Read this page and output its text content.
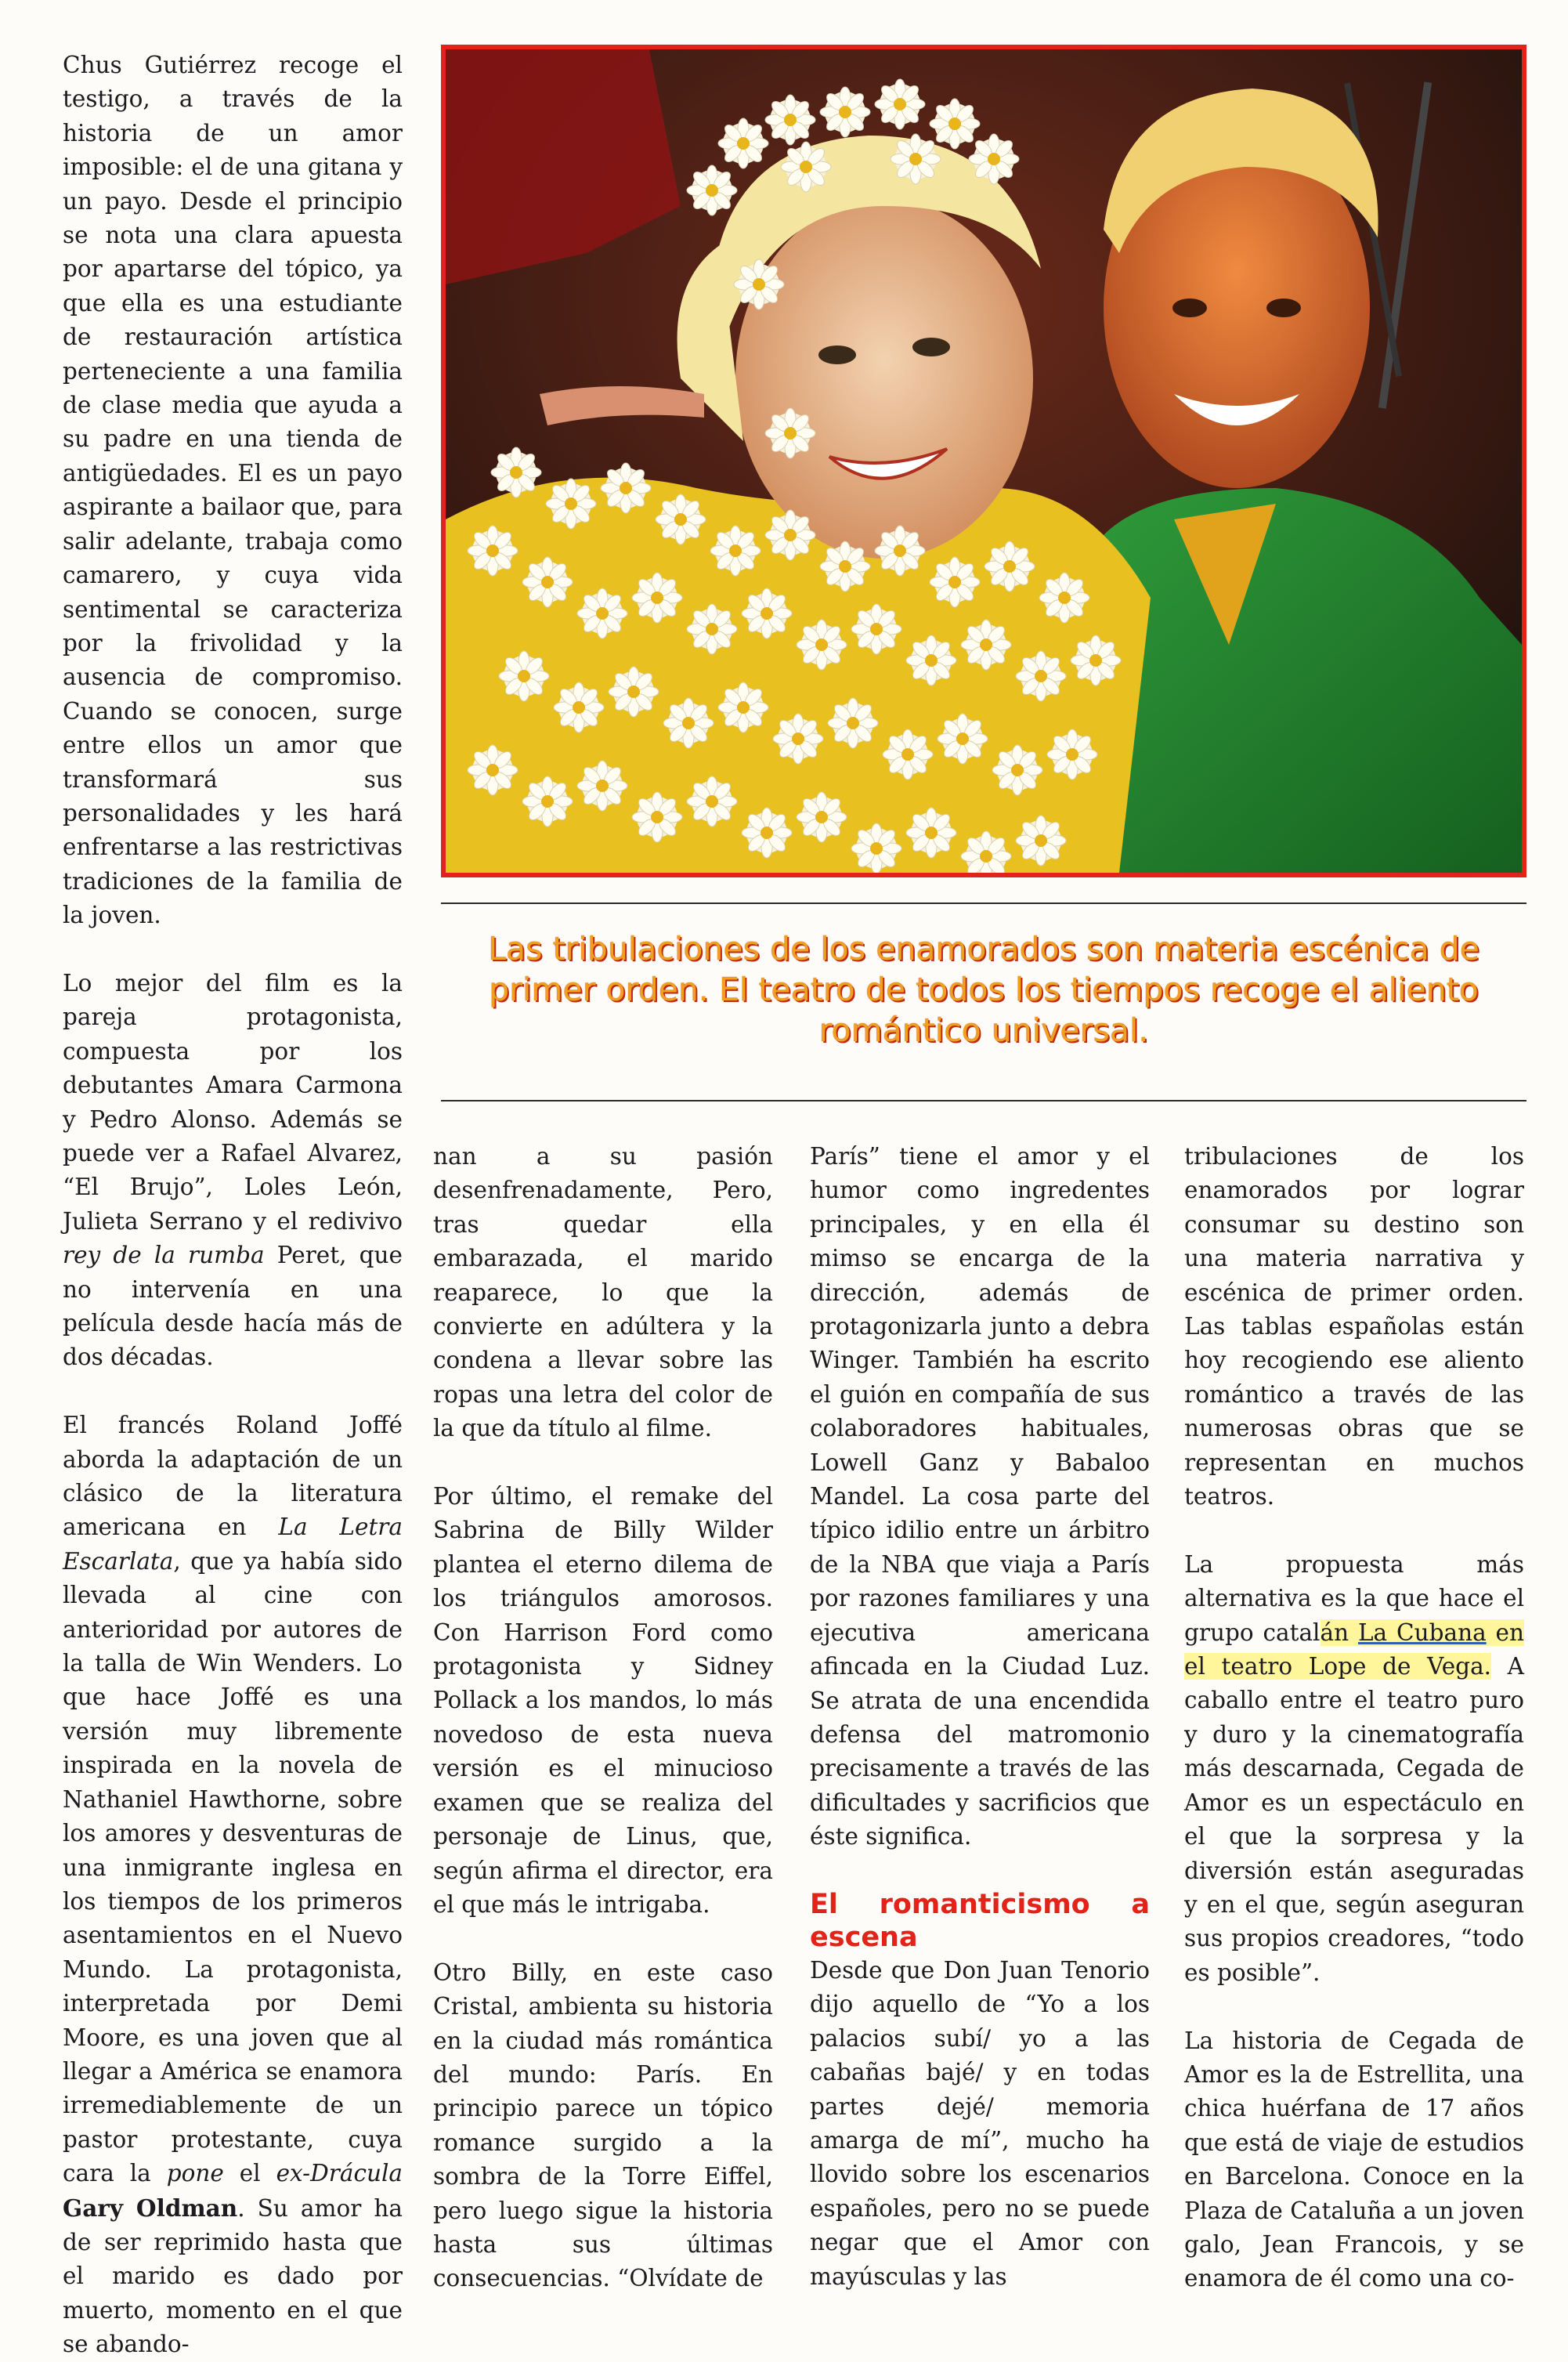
Chus Gutiérrez recoge el testigo, a través de la historia de un amor imposible: el de una gitana y un payo. Desde el principio se nota una clara apuesta por apartarse del tópico, ya que ella es una estudiante de restauración artística perteneciente a una familia de clase media que ayuda a su padre en una tienda de antigüedades. El es un payo aspirante a bailaor que, para salir adelante, trabaja como camarero, y cuya vida sentimental se caracteriza por la frivolidad y la ausencia de compromiso. Cuando se conocen, surge entre ellos un amor que transformará sus personalidades y les hará enfrentarse a las restrictivas tradiciones de la familia de la joven.

Lo mejor del film es la pareja protagonista, compuesta por los debutantes Amara Carmona y Pedro Alonso. Además se puede ver a Rafael Alvarez, “El Brujo”, Loles León, Julieta Serrano y el redivivo rey de la rumba Peret, que no intervenía en una película desde hacía más de dos décadas.

El francés Roland Joffé aborda la adaptación de un clásico de la literatura americana en La Letra Escarlata, que ya había sido llevada al cine con anterioridad por autores de la talla de Win Wenders. Lo que hace Joffé es una versión muy libremente inspirada en la novela de Nathaniel Hawthorne, sobre los amores y desventuras de una inmigrante inglesa en los tiempos de los primeros asentamientos en el Nuevo Mundo. La protagonista, interpretada por Demi Moore, es una joven que al llegar a América se enamora irremediablemente de un pastor protestante, cuya cara la pone el ex-Drácula Gary Oldman. Su amor ha de ser reprimido hasta que el marido es dado por muerto, momento en el que se abando-

Las tribulaciones de los enamorados son materia escénica de primer orden. El teatro de todos los tiempos recoge el aliento romántico universal.

nan a su pasión desenfrenadamente, Pero, tras quedar ella embarazada, el marido reaparece, lo que la convierte en adúltera y la condena a llevar sobre las ropas una letra del color de la que da título al filme.

Por último, el remake del Sabrina de Billy Wilder plantea el eterno dilema de los triángulos amorosos. Con Harrison Ford como protagonista y Sidney Pollack a los mandos, lo más novedoso de esta nueva versión es el minucioso examen que se realiza del personaje de Linus, que, según afirma el director, era el que más le intrigaba.

Otro Billy, en este caso Cristal, ambienta su historia en la ciudad más romántica del mundo: París. En principio parece un tópico romance surgido a la sombra de la Torre Eiffel, pero luego sigue la historia hasta sus últimas consecuencias. “Olvídate de

París” tiene el amor y el humor como ingredentes principales, y en ella él mimso se encarga de la dirección, además de protagonizarla junto a debra Winger. También ha escrito el guión en compañía de sus colaboradores habituales, Lowell Ganz y Babaloo Mandel. La cosa parte del típico idilio entre un árbitro de la NBA que viaja a París por razones familiares y una ejecutiva americana afincada en la Ciudad Luz. Se atrata de una encendida defensa del matromonio precisamente a través de las dificultades y sacrificios que éste significa.

El romanticismo a escena

Desde que Don Juan Tenorio dijo aquello de “Yo a los palacios subí/ yo a las cabañas bajé/ y en todas partes dejé/ memoria amarga de mí”, mucho ha llovido sobre los escenarios españoles, pero no se puede negar que el Amor con mayúsculas y las

tribulaciones de los enamorados por lograr consumar su destino son una materia narrativa y escénica de primer orden. Las tablas españolas están hoy recogiendo ese aliento romántico a través de las numerosas obras que se representan en muchos teatros.

La propuesta más alternativa es la que hace el grupo catalán La Cubana en el teatro Lope de Vega. A caballo entre el teatro puro y duro y la cinematografía más descarnada, Cegada de Amor es un espectáculo en el que la sorpresa y la diversión están aseguradas y en el que, según aseguran sus propios creadores, “todo es posible”.

La historia de Cegada de Amor es la de Estrellita, una chica huérfana de 17 años que está de viaje de estudios en Barcelona. Conoce en la Plaza de Cataluña a un joven galo, Jean Francois, y se enamora de él como una co-
